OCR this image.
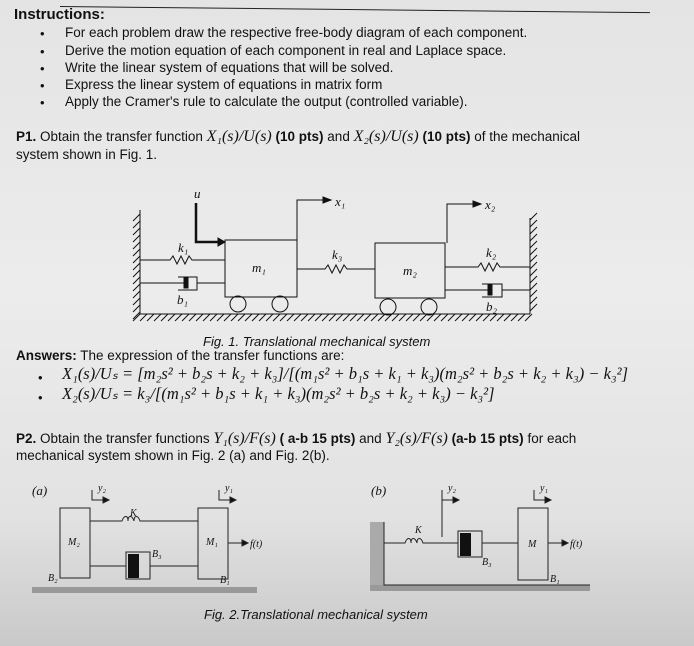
Instructions:
• For each problem draw the respective free-body diagram of each component.
• Derive the motion equation of each component in real and Laplace space.
• Write the linear system of equations that will be solved.
• Express the linear system of equations in matrix form
• Apply the Cramer's rule to calculate the output (controlled variable).
P1. Obtain the transfer function X₁(s)/U(s) (10 pts) and X₂(s)/U(s) (10 pts) of the mechanical
system shown in Fig. 1.
u
x₁	x₂
k₁	k₃	k₂
m₁	m₂
b₁	b₂
Fig. 1. Translational mechanical system
Answers: The expression of the transfer functions are:
• X₁(s)/Uₛ = [m₂s² + b₂s + k₂ + k₃]/[(m₁s² + b₁s + k₁ + k₃)(m₂s² + b₂s + k₂ + k₃) − k₃²]
• X₂(s)/Uₛ = k₃/[(m₁s² + b₁s + k₁ + k₃)(m₂s² + b₂s + k₂ + k₃) − k₃²]
P2. Obtain the transfer functions Y₁(s)/F(s) ( a-b 15 pts) and Y₂(s)/F(s) (a-b 15 pts) for each
mechanical system shown in Fig. 2 (a) and Fig. 2(b).
(a)	y₂	y₁
K
M₂	M₁
B₃
B₂	B₁
f(t)
(b)	y₂	y₁
K
M
B₃
B₁
f(t)
Fig. 2.Translational mechanical system
